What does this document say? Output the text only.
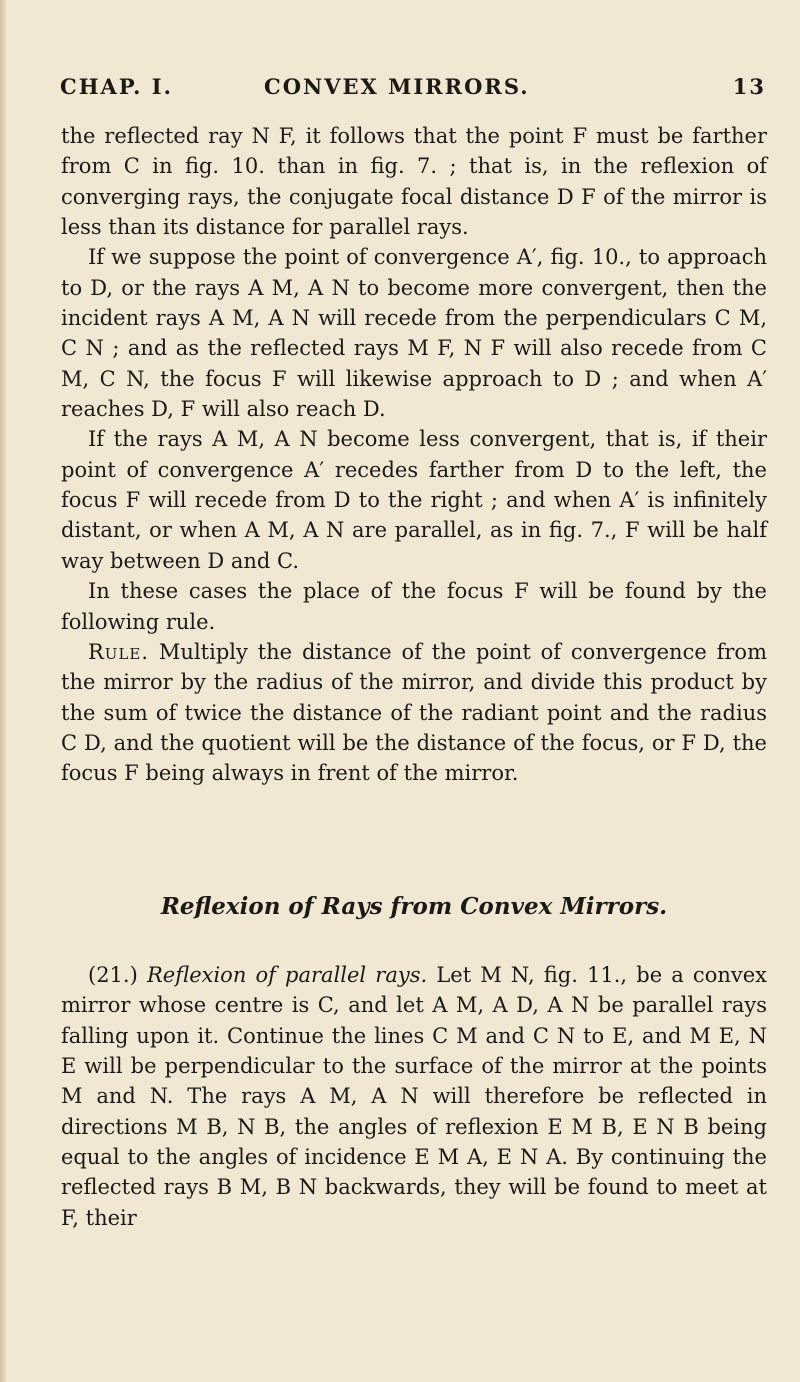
CHAP. I.	CONVEX MIRRORS.	13

the reflected ray N F, it follows that the point F must be farther from C in fig. 10. than in fig. 7. ; that is, in the reflexion of converging rays, the conjugate focal distance D F of the mirror is less than its distance for parallel rays.

If we suppose the point of convergence A′, fig. 10., to approach to D, or the rays A M, A N to become more convergent, then the incident rays A M, A N will recede from the perpendiculars C M, C N ; and as the reflected rays M F, N F will also recede from C M, C N, the focus F will likewise approach to D ; and when A′ reaches D, F will also reach D.

If the rays A M, A N become less convergent, that is, if their point of convergence A′ recedes farther from D to the left, the focus F will recede from D to the right ; and when A′ is infinitely distant, or when A M, A N are parallel, as in fig. 7., F will be half way between D and C.

In these cases the place of the focus F will be found by the following rule.

Rule. Multiply the distance of the point of convergence from the mirror by the radius of the mirror, and divide this product by the sum of twice the distance of the radiant point and the radius C D, and the quotient will be the distance of the focus, or F D, the focus F being always in frent of the mirror.

Reflexion of Rays from Convex Mirrors.

(21.) Reflexion of parallel rays. Let M N, fig. 11., be a convex mirror whose centre is C, and let A M, A D, A N be parallel rays falling upon it. Continue the lines C M and C N to E, and M E, N E will be perpendicular to the surface of the mirror at the points M and N. The rays A M, A N will therefore be reflected in directions M B, N B, the angles of reflexion E M B, E N B being equal to the angles of incidence E M A, E N A. By continuing the reflected rays B M, B N backwards, they will be found to meet at F, their
